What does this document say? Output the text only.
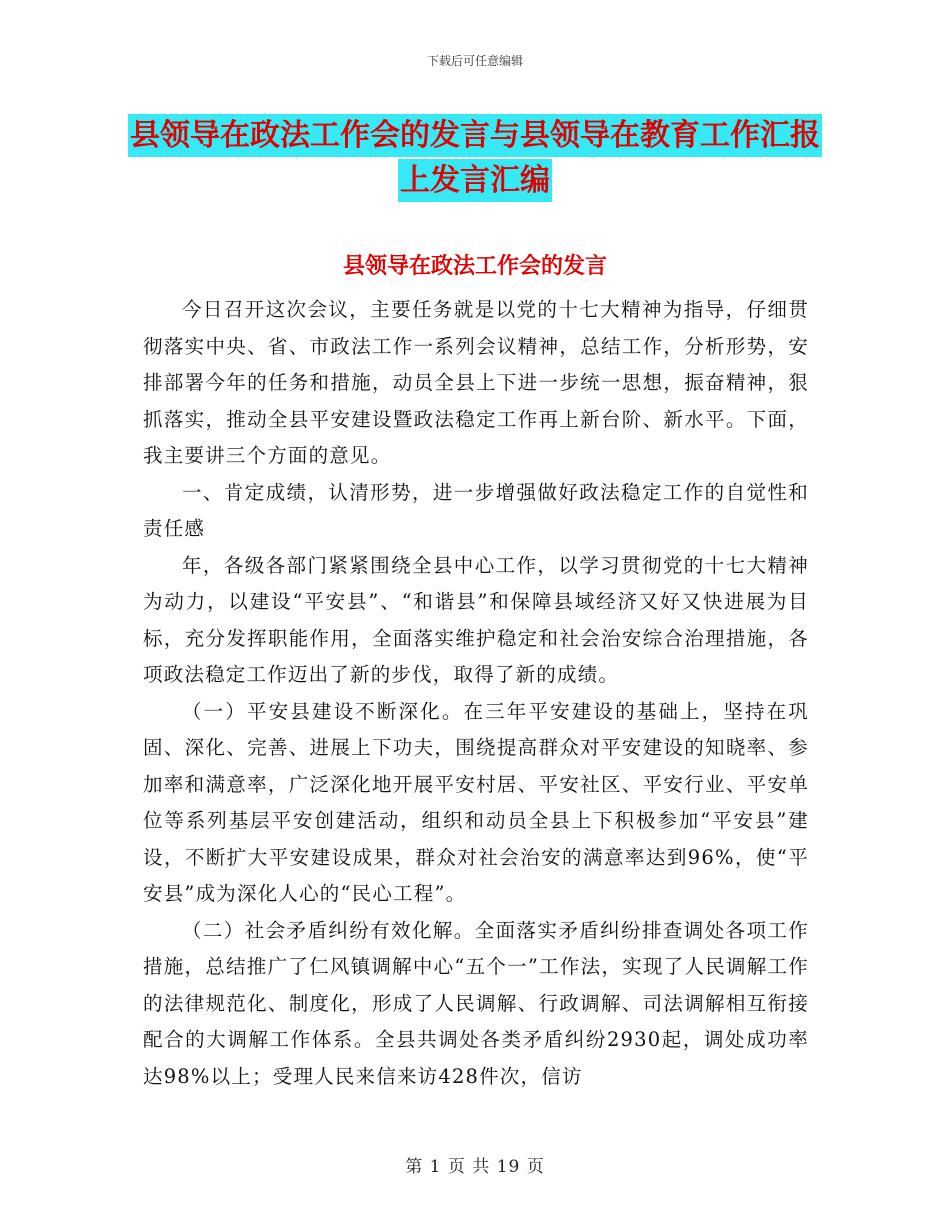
下载后可任意编辑
县领导在政法工作会的发言与县领导在教育工作汇报
上发言汇编
县领导在政法工作会的发言

今日召开这次会议，主要任务就是以党的十七大精神为指导，仔细贯彻落实中央、省、市政法工作一系列会议精神，总结工作，分析形势，安排部署今年的任务和措施，动员全县上下进一步统一思想，振奋精神，狠抓落实，推动全县平安建设暨政法稳定工作再上新台阶、新水平。下面，我主要讲三个方面的意见。

一、肯定成绩，认清形势，进一步增强做好政法稳定工作的自觉性和责任感

年，各级各部门紧紧围绕全县中心工作，以学习贯彻党的十七大精神为动力，以建设“平安县”、“和谐县”和保障县域经济又好又快进展为目标，充分发挥职能作用，全面落实维护稳定和社会治安综合治理措施，各项政法稳定工作迈出了新的步伐，取得了新的成绩。

（一）平安县建设不断深化。在三年平安建设的基础上，坚持在巩固、深化、完善、进展上下功夫，围绕提高群众对平安建设的知晓率、参加率和满意率，广泛深化地开展平安村居、平安社区、平安行业、平安单位等系列基层平安创建活动，组织和动员全县上下积极参加“平安县”建设，不断扩大平安建设成果，群众对社会治安的满意率达到96%，使“平安县”成为深化人心的“民心工程”。

（二）社会矛盾纠纷有效化解。全面落实矛盾纠纷排查调处各项工作措施，总结推广了仁风镇调解中心“五个一”工作法，实现了人民调解工作的法律规范化、制度化，形成了人民调解、行政调解、司法调解相互衔接配合的大调解工作体系。全县共调处各类矛盾纠纷2930起，调处成功率达98%以上；受理人民来信来访428件次，信访

第 1 页 共 19 页
